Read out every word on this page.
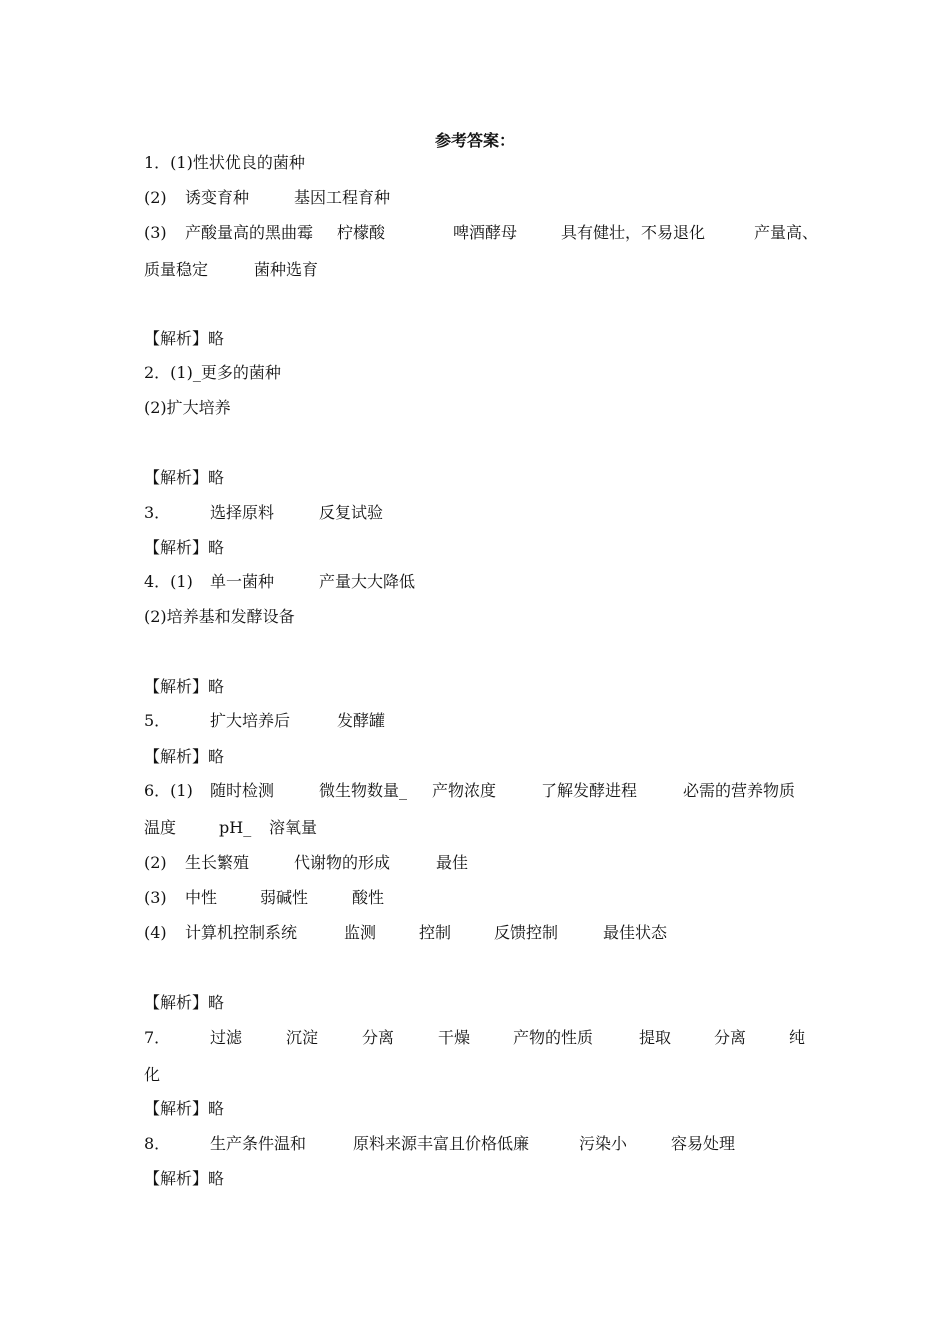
参考答案：
1．(1)性状优良的菌种
(2) 诱变育种	基因工程育种
(3) 产酸量高的黑曲霉 柠檬酸	啤酒酵母	具有健壮，不易退化	产量高、
质量稳定	菌种选育
【解析】略
2．(1)_更多的菌种
(2)扩大培养
【解析】略
3． 选择原料	反复试验
【解析】略
4．(1) 单一菌种	产量大大降低
(2)培养基和发酵设备
【解析】略
5． 扩大培养后	发酵罐
【解析】略
6．(1) 随时检测	微生物数量_ 产物浓度	了解发酵进程	必需的营养物质
温度	pH_ 溶氧量
(2) 生长繁殖	代谢物的形成	最佳
(3) 中性	弱碱性	酸性
(4) 计算机控制系统	监测	控制	反馈控制	最佳状态
【解析】略
7． 过滤	沉淀	分离	干燥	产物的性质	提取	分离	纯
化
【解析】略
8． 生产条件温和	原料来源丰富且价格低廉	污染小	容易处理
【解析】略
